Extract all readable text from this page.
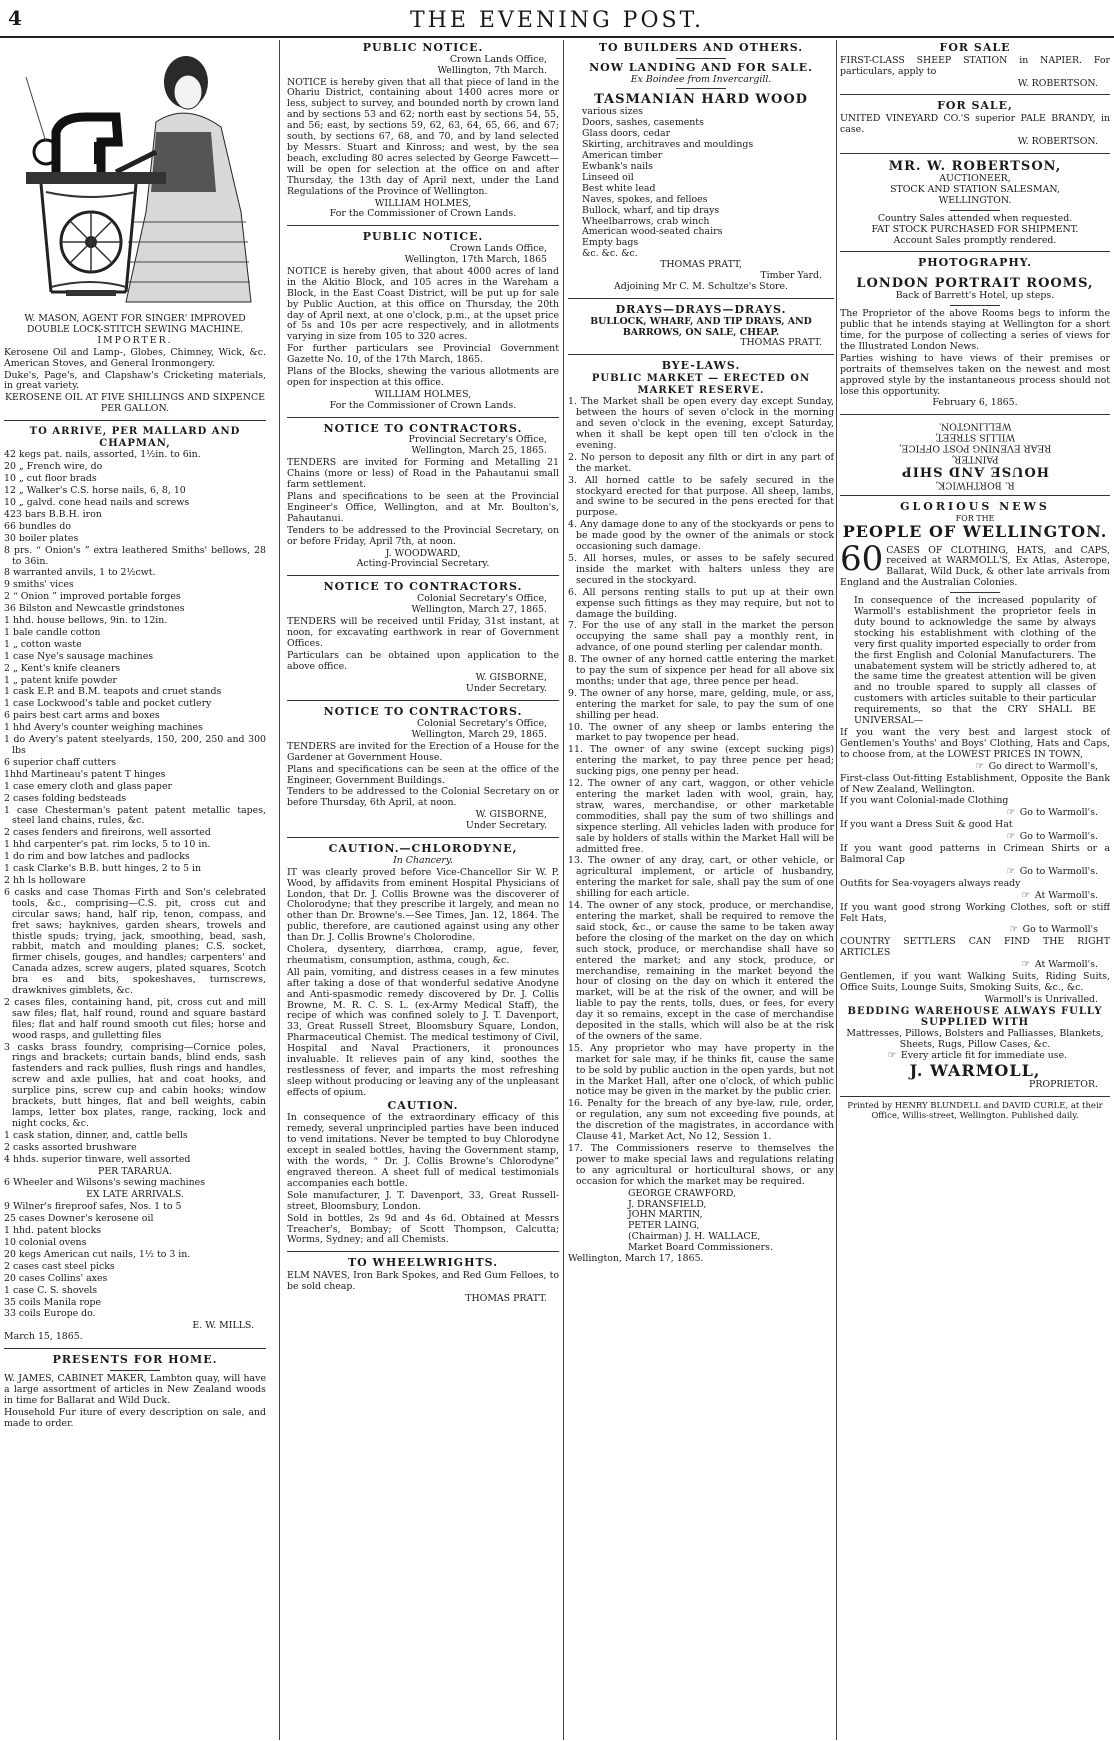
4	THE EVENING POST.

W. MASON, AGENT FOR SINGER' IMPROVED

DOUBLE LOCK-STITCH SEWING MACHINE.

IMPORTER.

Kerosene Oil and Lamp-, Globes, Chimney, Wick, &c. American Stoves, and General Ironmongery.

Duke's, Page's, and Clapshaw's Cricketing materials, in great variety.

KEROSENE OIL AT FIVE SHILLINGS AND SIXPENCE PER GALLON.

TO ARRIVE, PER MALLARD AND CHAPMAN,

42 kegs pat. nails, assorted, 1½in. to 6in.

20 „ French wire, do

10 „ cut floor brads

12 „ Walker's C.S. horse nails, 6, 8, 10

10 „ galvd. cone head nails and screws

423 bars B.B.H. iron

66 bundles do

30 boiler plates

8 prs. “ Onion's ” extra leathered Smiths' bellows, 28 to 36in.

8 warranted anvils, 1 to 2½cwt.

9 smiths' vices

2 “ Onion ” improved portable forges

36 Bilston and Newcastle grindstones

1 hhd. house bellows, 9in. to 12in.

1 bale candle cotton

1 „ cotton waste

1 case Nye's sausage machines

2 „ Kent's knife cleaners

1 „ patent knife powder

1 cask E.P. and B.M. teapots and cruet stands

1 case Lockwood's table and pocket cutlery

6 pairs best cart arms and boxes

1 hhd Avery's counter weighing machines

1 do Avery's patent steelyards, 150, 200, 250 and 300 lbs

6 superior chaff cutters

1hhd Martineau's patent T hinges

1 case emery cloth and glass paper

2 cases folding bedsteads

1 case Chesterman's patent patent metallic tapes, steel land chains, rules, &c.

2 cases fenders and fireirons, well assorted

1 hhd carpenter's pat. rim locks, 5 to 10 in.

1 do rim and bow latches and padlocks

1 cask Clarke's B.B. butt hinges, 2 to 5 in

2 hh ls holloware

6 casks and case Thomas Firth and Son's celebrated tools, &c., comprising—C.S. pit, cross cut and circular saws; hand, half rip, tenon, compass, and fret saws; hayknives, garden shears, trowels and thistle spuds; trying, jack, smoothing, bead, sash, rabbit, match and moulding planes; C.S. socket, firmer chisels, gouges, and handles; carpenters' and Canada adzes, screw augers, plated squares, Scotch bra es and bits, spokeshaves, turnscrews, drawknives gimblets, &c.

2 cases files, containing hand, pit, cross cut and mill saw files; flat, half round, round and square bastard files; flat and half round smooth cut files; horse and wood rasps, and gulletting files

3 casks brass foundry, comprising—Cornice poles, rings and brackets; curtain bands, blind ends, sash fastenders and rack pullies, flush rings and handles, screw and axle pullies, hat and coat hooks, and surplice pins, screw cup and cabin hooks; window brackets, butt hinges, flat and bell weights, cabin lamps, letter box plates, range, racking, lock and night cocks, &c.

1 cask station, dinner, and, cattle bells

2 casks assorted brushware

4 hhds. superior tinware, well assorted

PER TARARUA.

6 Wheeler and Wilsons's sewing machines

EX LATE ARRIVALS.

9 Wilner's fireproof safes, Nos. 1 to 5

25 cases Downer's kerosene oil

1 hhd. patent blocks

10 colonial ovens

20 kegs American cut nails, 1½ to 3 in.

2 cases cast steel picks

20 cases Collins' axes

1 case C. S. shovels

35 coils Manila rope

33 coils Europe do.

E. W. MILLS.

March 15, 1865.

PRESENTS FOR HOME.

W. JAMES, CABINET MAKER, Lambton quay, will have a large assortment of articles in New Zealand woods in time for Ballarat and Wild Duck.

Household Fur iture of every description on sale, and made to order.

PUBLIC NOTICE.

Crown Lands Office,

Wellington, 7th March.

NOTICE is hereby given that all that piece of land in the Ohariu District, containing about 1400 acres more or less, subject to survey, and bounded north by crown land and by sections 53 and 62; north east by sections 54, 55, and 56; east, by sections 59, 62, 63, 64, 65, 66, and 67; south, by sections 67, 68, and 70, and by land selected by Messrs. Stuart and Kinross; and west, by the sea beach, excluding 80 acres selected by George Fawcett—will be open for selection at the office on and after Thursday, the 13th day of April next, under the Land Regulations of the Province of Wellington.

WILLIAM HOLMES,

For the Commissioner of Crown Lands.

PUBLIC NOTICE.

Crown Lands Office,

Wellington, 17th March, 1865

NOTICE is hereby given, that about 4000 acres of land in the Akitio Block, and 105 acres in the Wareham a Block, in the East Coast District, will be put up for sale by Public Auction, at this office on Thursday, the 20th day of April next, at one o'clock, p.m., at the upset price of 5s and 10s per acre respectively, and in allotments varying in size from 105 to 320 acres.

For further particulars see Provincial Government Gazette No. 10, of the 17th March, 1865.

Plans of the Blocks, shewing the various allotments are open for inspection at this office.

WILLIAM HOLMES,

For the Commissioner of Crown Lands.

NOTICE TO CONTRACTORS.

Provincial Secretary's Office,

Wellington, March 25, 1865.

TENDERS are invited for Forming and Metalling 21 Chains (more or less) of Road in the Pahautanui small farm settlement.

Plans and specifications to be seen at the Provincial Engineer's Office, Wellington, and at Mr. Boulton's, Pahautanui.

Tenders to be addressed to the Provincial Secretary, on or before Friday, April 7th, at noon.

J. WOODWARD,

Acting-Provincial Secretary.

NOTICE TO CONTRACTORS.

Colonial Secretary's Office,

Wellington, March 27, 1865.

TENDERS will be received until Friday, 31st instant, at noon, for excavating earthwork in rear of Government Offices.

Particulars can be obtained upon application to the above office.

W. GISBORNE,

Under Secretary.

NOTICE TO CONTRACTORS.

Colonial Secretary's Office,

Wellington, March 29, 1865.

TENDERS are invited for the Erection of a House for the Gardener at Government House.

Plans and specifications can be seen at the office of the Engineer, Government Buildings.

Tenders to be addressed to the Colonial Secretary on or before Thursday, 6th April, at noon.

W. GISBORNE,

Under Secretary.

CAUTION.—CHLORODYNE,

In Chancery.

IT was clearly proved before Vice-Chancellor Sir W. P. Wood, by affidavits from eminent Hospital Physicians of London, that Dr. J. Collis Browne was the discoverer of Cholorodyne; that they prescribe it largely, and mean no other than Dr. Browne's.—See Times, Jan. 12, 1864. The public, therefore, are cautioned against using any other than Dr. J. Collis Browne's Cholorodine.

Cholera, dysentery, diarrhœa, cramp, ague, fever, rheumatism, consumption, asthma, cough, &c.

All pain, vomiting, and distress ceases in a few minutes after taking a dose of that wonderful sedative Anodyne and Anti-spasmodic remedy discovered by Dr. J. Collis Browne, M. R. C. S. L. (ex-Army Medical Staff), the recipe of which was confined solely to J. T. Davenport, 33, Great Russell Street, Bloomsbury Square, London, Pharmaceutical Chemist. The medical testimony of Civil, Hospital and Naval Practioners, it pronounces invaluable. It relieves pain of any kind, soothes the restlessness of fever, and imparts the most refreshing sleep without producing or leaving any of the unpleasant effects of opium.

CAUTION.

In consequence of the extraordinary efficacy of this remedy, several unprincipled parties have been induced to vend imitations. Never be tempted to buy Chlorodyne except in sealed bottles, having the Government stamp, with the words, “ Dr. J. Collis Browne's Chlorodyne” engraved thereon. A sheet full of medical testimonials accompanies each bottle.

Sole manufacturer, J. T. Davenport, 33, Great Russell-street, Bloomsbury, London.

Sold in bottles, 2s 9d and 4s 6d. Obtained at Messrs Treacher's, Bombay; of Scott Thompson, Calcutta; Worms, Sydney; and all Chemists.

TO WHEELWRIGHTS.

ELM NAVES, Iron Bark Spokes, and Red Gum Felloes, to be sold cheap.

THOMAS PRATT.

TO BUILDERS AND OTHERS.

NOW LANDING AND FOR SALE.

Ex Boindee from Invercargill.

TASMANIAN HARD WOOD

various sizes

Doors, sashes, casements

Glass doors, cedar

Skirting, architraves and mouldings

American timber

Ewbank's nails

Linseed oil

Best white lead

Naves, spokes, and felloes

Bullock, wharf, and tip drays

Wheelbarrows, crab winch

American wood-seated chairs

Empty bags

&c. &c. &c.

THOMAS PRATT,

Timber Yard.

Adjoining Mr C. M. Schultze's Store.

DRAYS—DRAYS—DRAYS.

BULLOCK, WHARF, AND TIP DRAYS, AND BARROWS, ON SALE, CHEAP.

THOMAS PRATT.

BYE-LAWS.

PUBLIC MARKET — ERECTED ON MARKET RESERVE.

1. The Market shall be open every day except Sunday, between the hours of seven o'clock in the morning and seven o'clock in the evening, except Saturday, when it shall be kept open till ten o'clock in the evening.

2. No person to deposit any filth or dirt in any part of the market.

3. All horned cattle to be safely secured in the stockyard erected for that purpose. All sheep, lambs, and swine to be secured in the pens erected for that purpose.

4. Any damage done to any of the stockyards or pens to be made good by the owner of the animals or stock occasioning such damage.

5. All horses, mules, or asses to be safely secured inside the market with halters unless they are secured in the stockyard.

6. All persons renting stalls to put up at their own expense such fittings as they may require, but not to damage the building.

7. For the use of any stall in the market the person occupying the same shall pay a monthly rent, in advance, of one pound sterling per calendar month.

8. The owner of any horned cattle entering the market to pay the sum of sixpence per head for all above six months; under that age, three pence per head.

9. The owner of any horse, mare, gelding, mule, or ass, entering the market for sale, to pay the sum of one shilling per head.

10. The owner of any sheep or lambs entering the market to pay twopence per head.

11. The owner of any swine (except sucking pigs) entering the market, to pay three pence per head; sucking pigs, one penny per head.

12. The owner of any cart, waggon, or other vehicle entering the market laden with wool, grain, hay, straw, wares, merchandise, or other marketable commodities, shall pay the sum of two shillings and sixpence sterling. All vehicles laden with produce for sale by holders of stalls within the Market Hall will be admitted free.

13. The owner of any dray, cart, or other vehicle, or agricultural implement, or article of husbandry, entering the market for sale, shall pay the sum of one shilling for each article.

14. The owner of any stock, produce, or merchandise, entering the market, shall be required to remove the said stock, &c., or cause the same to be taken away before the closing of the market on the day on which such stock, produce, or merchandise shall have so entered the market; and any stock, produce, or merchandise, remaining in the market beyond the hour of closing on the day on which it entered the market, will be at the risk of the owner, and will be liable to pay the rents, tolls, dues, or fees, for every day it so remains, except in the case of merchandise deposited in the stalls, which will also be at the risk of the owners of the same.

15. Any proprietor who may have property in the market for sale may, if he thinks fit, cause the same to be sold by public auction in the open yards, but not in the Market Hall, after one o'clock, of which public notice may be given in the market by the public crier.

16. Penalty for the breach of any bye-law, rule, order, or regulation, any sum not exceeding five pounds, at the discretion of the magistrates, in accordance with Clause 41, Market Act, No 12, Session 1.

17. The Commissioners reserve to themselves the power to make special laws and regulations relating to any agricultural or horticultural shows, or any occasion for which the market may be required.

GEORGE CRAWFORD,

J. DRANSFIELD,

JOHN MARTIN,

PETER LAING,

(Chairman) J. H. WALLACE,

Market Board Commissioners.

Wellington, March 17, 1865.

FOR SALE

FIRST-CLASS SHEEP STATION in NAPIER. For particulars, apply to

W. ROBERTSON.

FOR SALE,

UNITED VINEYARD CO.'S superior PALE BRANDY, in case.

W. ROBERTSON.

MR. W. ROBERTSON,

AUCTIONEER,

STOCK AND STATION SALESMAN,

WELLINGTON.

Country Sales attended when requested.

FAT STOCK PURCHASED FOR SHIPMENT.

Account Sales promptly rendered.

PHOTOGRAPHY.

LONDON PORTRAIT ROOMS,

Back of Barrett's Hotel, up steps.

The Proprietor of the above Rooms begs to inform the public that he intends staying at Wellington for a short time, for the purpose of collecting a series of views for the Illustrated London News.

Parties wishing to have views of their premises or portraits of themselves taken on the newest and most approved style by the instantaneous process should not lose this opportunity.

February 6, 1865.

R. BORTHWICK,

HOUSE AND SHIP

PAINTER,

REAR EVENING POST OFFICE,

WILLIS STREET,

WELLINGTON.

GLORIOUS NEWS

FOR THE

PEOPLE OF WELLINGTON.

60 CASES OF CLOTHING, HATS, and CAPS, received at WARMOLL'S, Ex Atlas, Asterope, Ballarat, Wild Duck, & other late arrivals from England and the Australian Colonies.

In consequence of the increased popularity of Warmoll's establishment the proprietor feels in duty bound to acknowledge the same by always stocking his establishment with clothing of the very first quality imported especially to order from the first English and Colonial Manufacturers. The unabatement system will be strictly adhered to, at the same time the greatest attention will be given and no trouble spared to supply all classes of customers with articles suitable to their particular requirements, so that the CRY SHALL BE UNIVERSAL—

If you want the very best and largest stock of Gentlemen's Youths' and Boys' Clothing, Hats and Caps, to choose from, at the LOWEST PRICES IN TOWN,

☞ Go direct to Warmoll's,

First-class Out-fitting Establishment, Opposite the Bank of New Zealand, Wellington.

If you want Colonial-made Clothing

☞ Go to Warmoll's.

If you want a Dress Suit & good Hat

☞ Go to Warmoll's.

If you want good patterns in Crimean Shirts or a Balmoral Cap

☞ Go to Warmoll's.

Outfits for Sea-voyagers always ready

☞ At Warmoll's.

If you want good strong Working Clothes, soft or stiff Felt Hats,

☞ Go to Warmoll's

COUNTRY SETTLERS CAN FIND THE RIGHT ARTICLES

☞ At Warmoll's.

Gentlemen, if you want Walking Suits, Riding Suits, Office Suits, Lounge Suits, Smoking Suits, &c., &c.

Warmoll's is Unrivalled.

BEDDING WAREHOUSE ALWAYS FULLY SUPPLIED WITH

Mattresses, Pillows, Bolsters and Palliasses, Blankets, Sheets, Rugs, Pillow Cases, &c.

☞ Every article fit for immediate use.

J. WARMOLL,

PROPRIETOR.

Printed by HENRY BLUNDELL and DAVID CURLE, at their Office, Willis-street, Wellington. Published daily.
